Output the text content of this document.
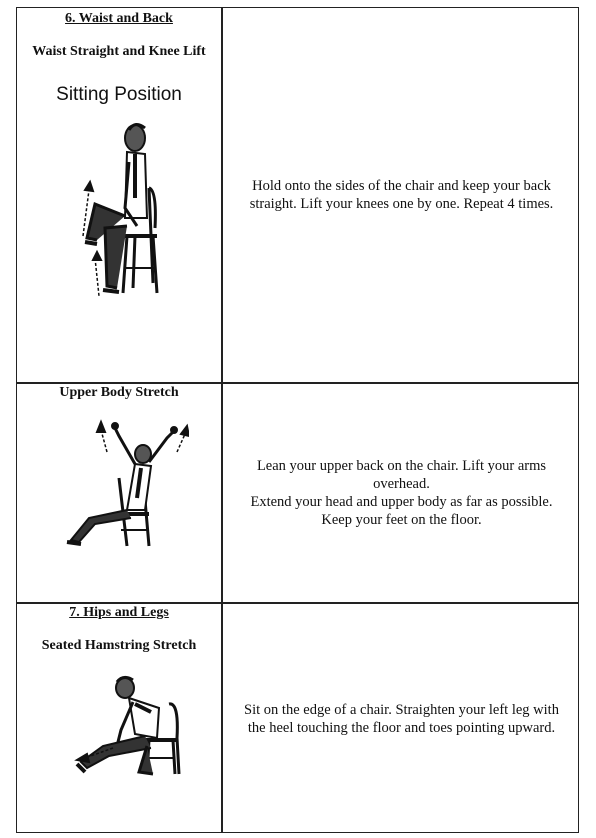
6. Waist and Back
Waist Straight and Knee Lift
Sitting Position

Hold onto the sides of the chair and keep your back straight. Lift your knees one by one. Repeat 4 times.

Upper Body Stretch

Lean your upper back on the chair. Lift your arms overhead.
Extend your head and upper body as far as possible. Keep your feet on the floor.

7. Hips and Legs
Seated Hamstring Stretch

Sit on the edge of a chair. Straighten your left leg with the heel touching the floor and toes pointing upward.
